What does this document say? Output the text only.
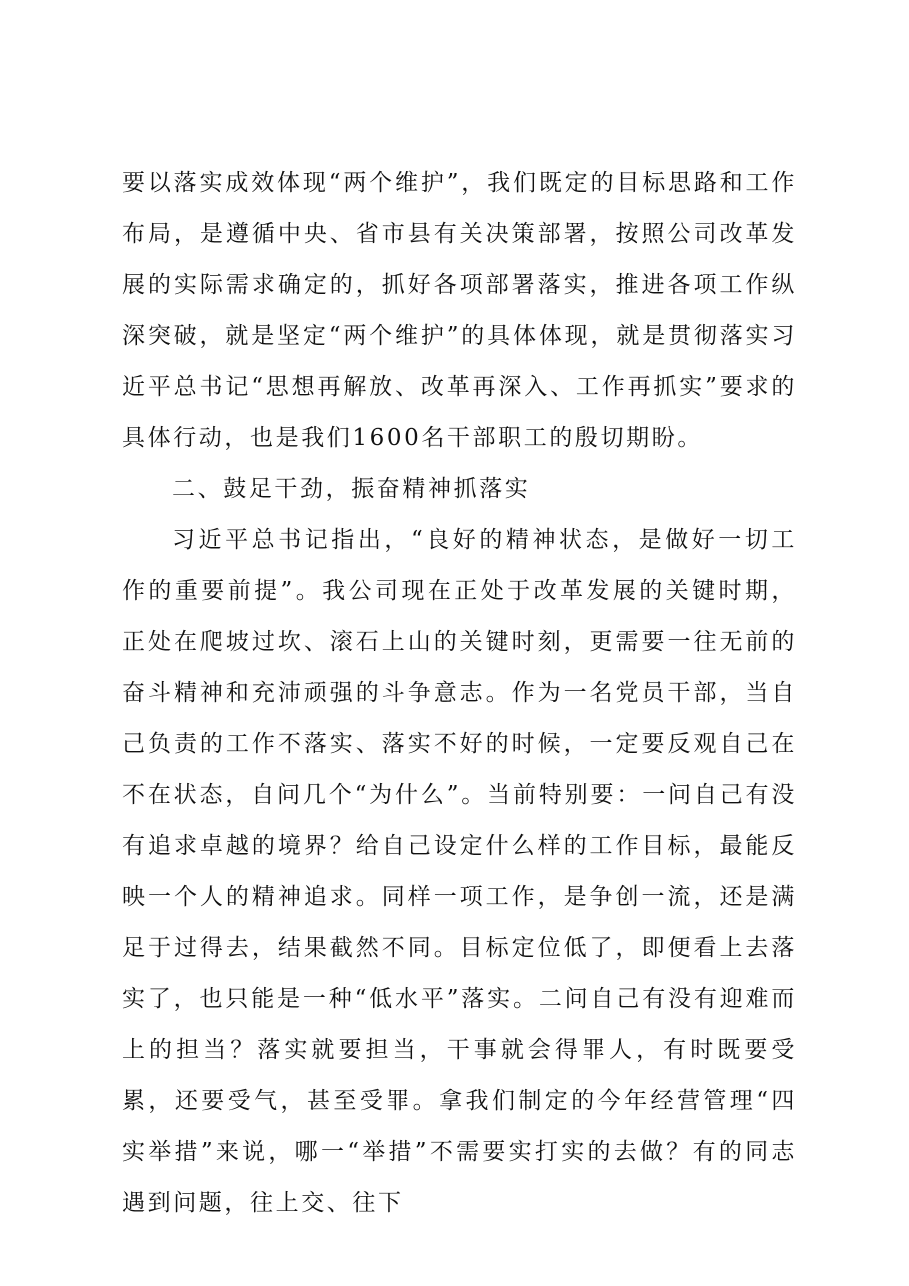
要以落实成效体现“两个维护”，我们既定的目标思路和工作布局，是遵循中央、省市县有关决策部署，按照公司改革发展的实际需求确定的，抓好各项部署落实，推进各项工作纵深突破，就是坚定“两个维护”的具体体现，就是贯彻落实习近平总书记“思想再解放、改革再深入、工作再抓实”要求的具体行动，也是我们1600名干部职工的殷切期盼。

二、鼓足干劲，振奋精神抓落实

习近平总书记指出，“良好的精神状态，是做好一切工作的重要前提”。我公司现在正处于改革发展的关键时期，正处在爬坡过坎、滚石上山的关键时刻，更需要一往无前的奋斗精神和充沛顽强的斗争意志。作为一名党员干部，当自己负责的工作不落实、落实不好的时候，一定要反观自己在不在状态，自问几个“为什么”。当前特别要：一问自己有没有追求卓越的境界？给自己设定什么样的工作目标，最能反映一个人的精神追求。同样一项工作，是争创一流，还是满足于过得去，结果截然不同。目标定位低了，即便看上去落实了，也只能是一种“低水平”落实。二问自己有没有迎难而上的担当？落实就要担当，干事就会得罪人，有时既要受累，还要受气，甚至受罪。拿我们制定的今年经营管理“四实举措”来说，哪一“举措”不需要实打实的去做？有的同志遇到问题，往上交、往下
